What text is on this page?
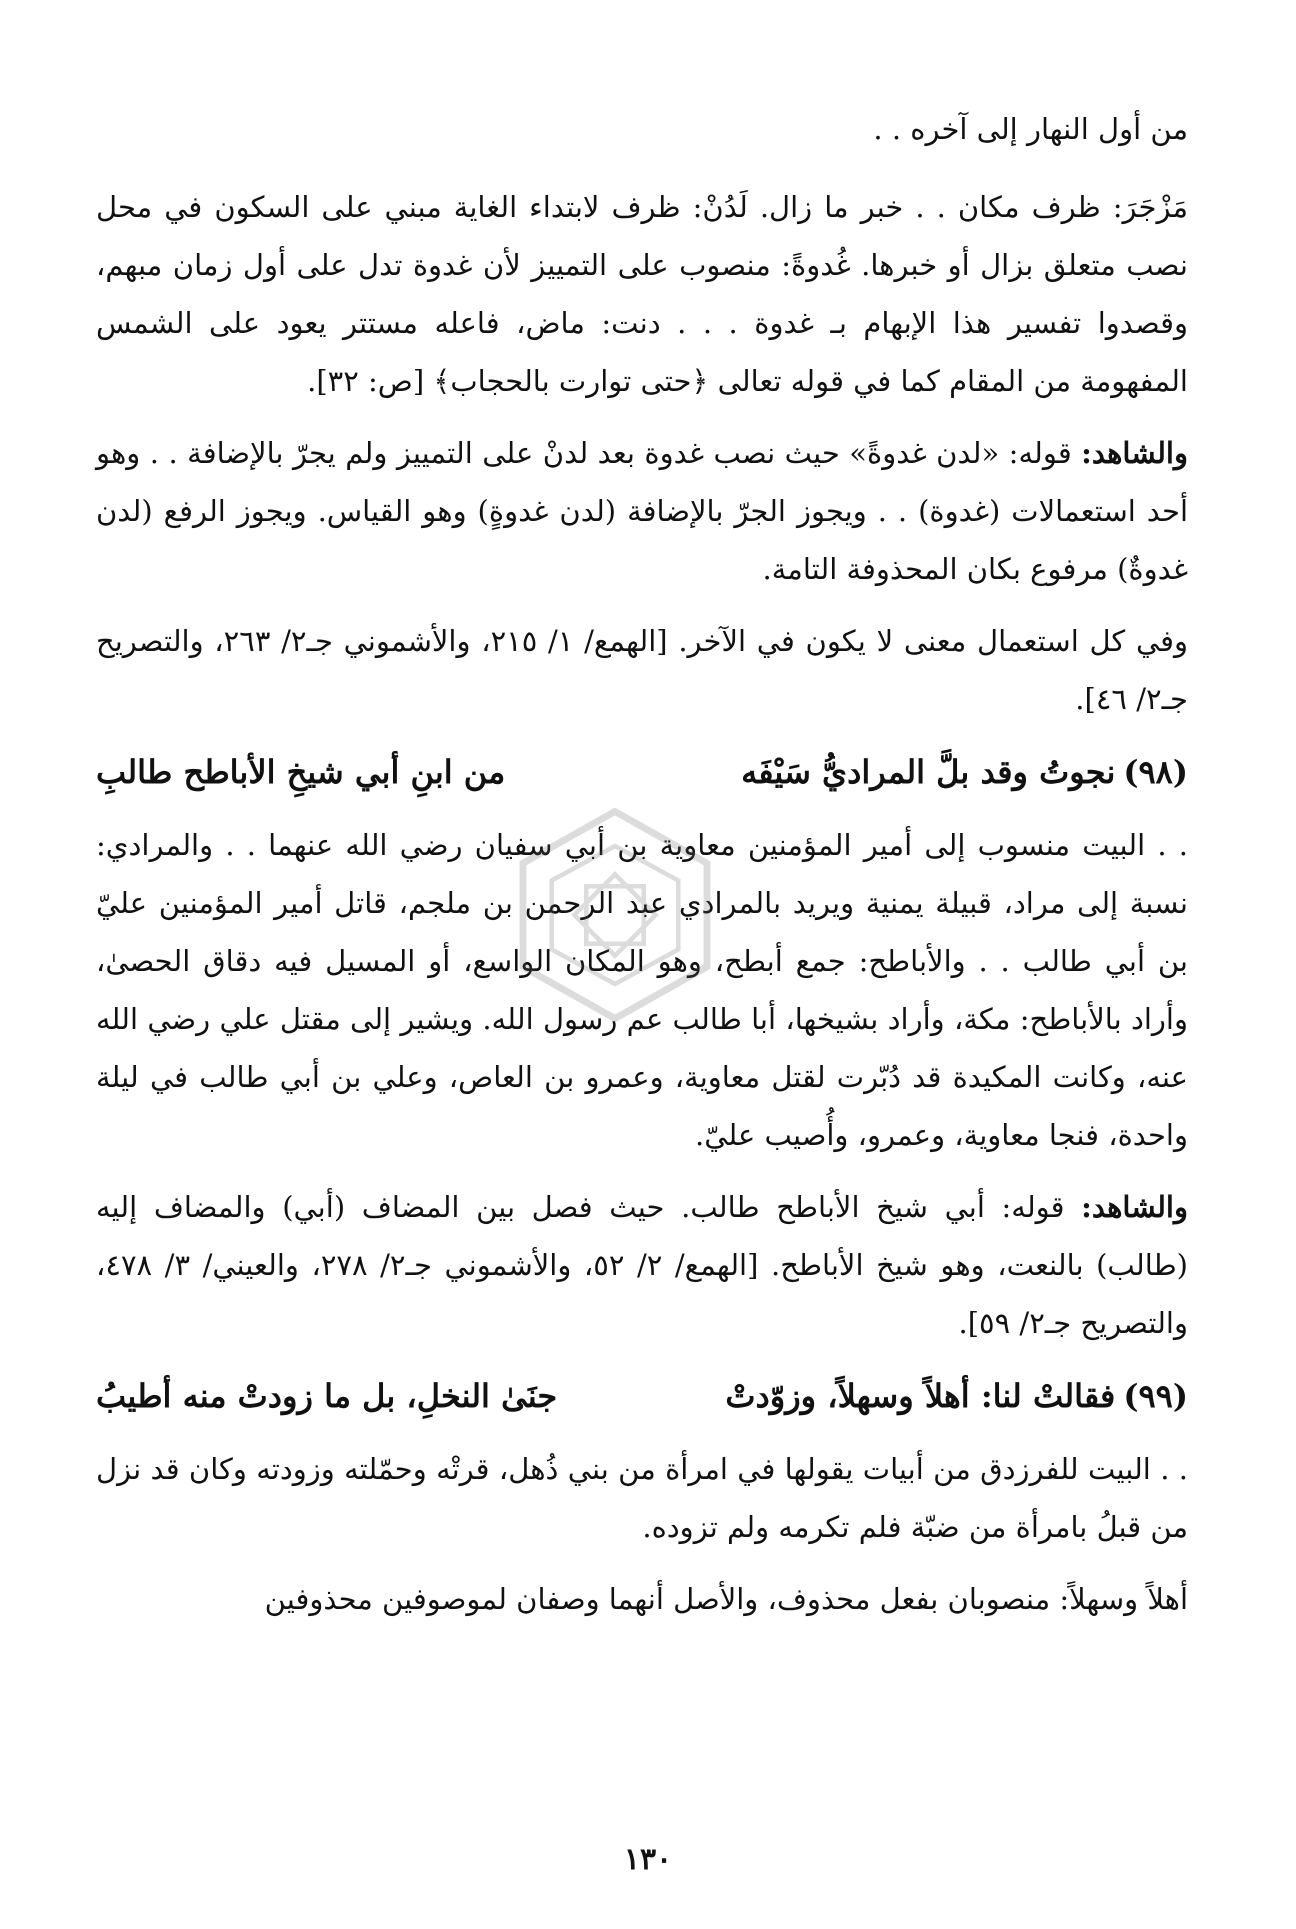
من أول النهار إلى آخره . .

مَزْجَرَ: ظرف مكان . . خبر ما زال. لَدُنْ: ظرف لابتداء الغاية مبني على السكون في محل نصب متعلق بزال أو خبرها. غُدوةً: منصوب على التمييز لأن غدوة تدل على أول زمان مبهم، وقصدوا تفسير هذا الإبهام بـ غدوة . . . دنت: ماض، فاعله مستتر يعود على الشمس المفهومة من المقام كما في قوله تعالى ﴿حتى توارت بالحجاب﴾ [ص: ٣٢].

والشاهد: قوله: «لدن غدوةً» حيث نصب غدوة بعد لدنْ على التمييز ولم يجرّ بالإضافة . . وهو أحد استعمالات (غدوة) . . ويجوز الجرّ بالإضافة (لدن غدوةٍ) وهو القياس. ويجوز الرفع (لدن غدوةٌ) مرفوع بكان المحذوفة التامة.

وفي كل استعمال معنى لا يكون في الآخر. [الهمع/ ١/ ٢١٥، والأشموني جـ٢/ ٢٦٣، والتصريح جـ٢/ ٤٦].

(٩٨)نجوتُ وقد بلَّ المراديُّ سَيْفَه
من ابنِ أبي شيخِ الأباطح طالبِ

. . البيت منسوب إلى أمير المؤمنين معاوية بن أبي سفيان رضي الله عنهما . . والمرادي: نسبة إلى مراد، قبيلة يمنية ويريد بالمرادي عبد الرحمن بن ملجم، قاتل أمير المؤمنين عليّ بن أبي طالب . . والأباطح: جمع أبطح، وهو المكان الواسع، أو المسيل فيه دقاق الحصىٰ، وأراد بالأباطح: مكة، وأراد بشيخها، أبا طالب عم رسول الله. ويشير إلى مقتل علي رضي الله عنه، وكانت المكيدة قد دُبّرت لقتل معاوية، وعمرو بن العاص، وعلي بن أبي طالب في ليلة واحدة، فنجا معاوية، وعمرو، وأُصيب عليّ.

والشاهد: قوله: أبي شيخ الأباطح طالب. حيث فصل بين المضاف (أبي) والمضاف إليه (طالب) بالنعت، وهو شيخ الأباطح. [الهمع/ ٢/ ٥٢، والأشموني جـ٢/ ٢٧٨، والعيني/ ٣/ ٤٧٨، والتصريح جـ٢/ ٥٩].

(٩٩)فقالتْ لنا: أهلاً وسهلاً، وزوّدتْ
جنَىٰ النخلِ، بل ما زودتْ منه أطيبُ

. . البيت للفرزدق من أبيات يقولها في امرأة من بني ذُهل، قرتْه وحمّلته وزودته وكان قد نزل من قبلُ بامرأة من ضبّة فلم تكرمه ولم تزوده.

أهلاً وسهلاً: منصوبان بفعل محذوف، والأصل أنهما وصفان لموصوفين محذوفين

١٣٠
